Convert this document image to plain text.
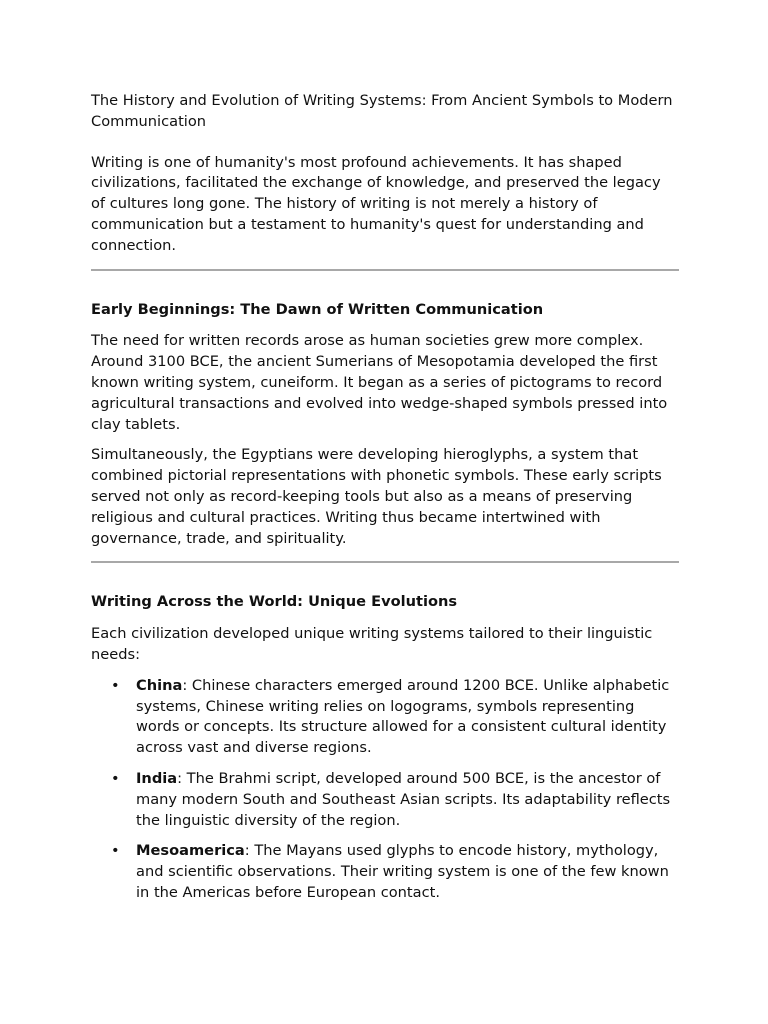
The History and Evolution of Writing Systems: From Ancient Symbols to Modern Communication

Writing is one of humanity's most profound achievements. It has shaped civilizations, facilitated the exchange of knowledge, and preserved the legacy of cultures long gone. The history of writing is not merely a history of communication but a testament to humanity's quest for understanding and connection.

Early Beginnings: The Dawn of Written Communication

The need for written records arose as human societies grew more complex. Around 3100 BCE, the ancient Sumerians of Mesopotamia developed the first known writing system, cuneiform. It began as a series of pictograms to record agricultural transactions and evolved into wedge-shaped symbols pressed into clay tablets.

Simultaneously, the Egyptians were developing hieroglyphs, a system that combined pictorial representations with phonetic symbols. These early scripts served not only as record-keeping tools but also as a means of preserving religious and cultural practices. Writing thus became intertwined with governance, trade, and spirituality.

Writing Across the World: Unique Evolutions

Each civilization developed unique writing systems tailored to their linguistic needs:

• China: Chinese characters emerged around 1200 BCE. Unlike alphabetic systems, Chinese writing relies on logograms, symbols representing words or concepts. Its structure allowed for a consistent cultural identity across vast and diverse regions.
• India: The Brahmi script, developed around 500 BCE, is the ancestor of many modern South and Southeast Asian scripts. Its adaptability reflects the linguistic diversity of the region.
• Mesoamerica: The Mayans used glyphs to encode history, mythology, and scientific observations. Their writing system is one of the few known in the Americas before European contact.
